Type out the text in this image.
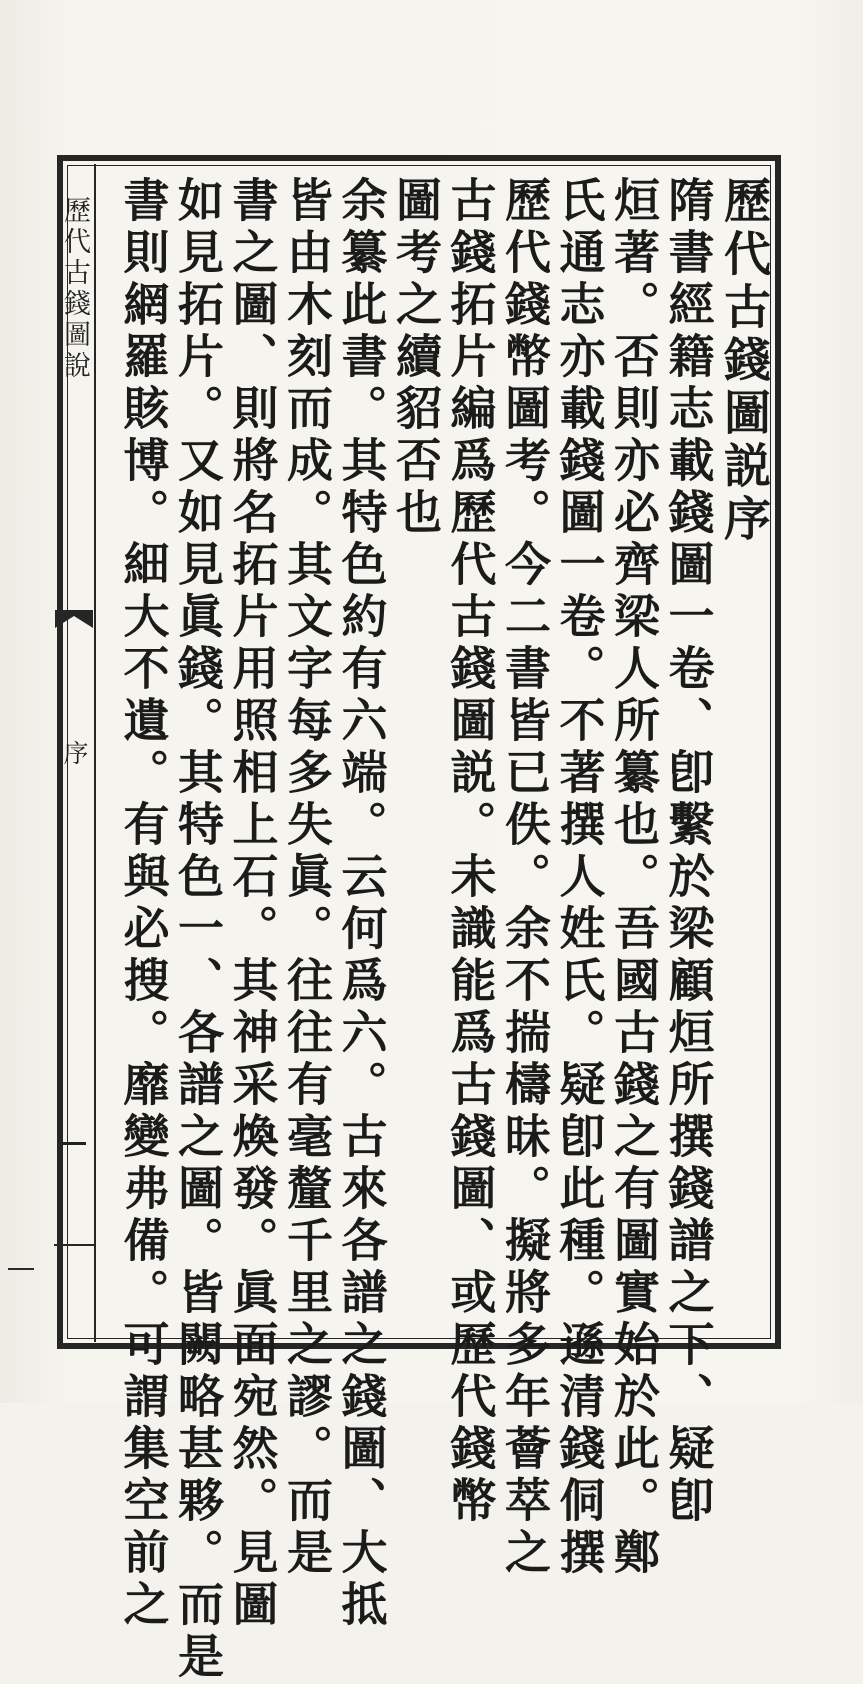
歷代古錢圖說
序

歷代古錢圖説序

隋書經籍志載錢圖一卷、卽繫於梁顧烜所撰錢譜之下、疑卽

烜著。否則亦必齊梁人所纂也。吾國古錢之有圖實始於此。鄭

氏通志亦載錢圖一卷。不著撰人姓氏。疑卽此種。遜清錢侗撰

歷代錢幣圖考。今二書皆已佚。余不揣檮昧。擬將多年薈萃之

古錢拓片編爲歷代古錢圖説。未識能爲古錢圖、或歷代錢幣

圖考之續貂否也

余纂此書。其特色約有六端。云何爲六。古來各譜之錢圖、大抵

皆由木刻而成。其文字每多失眞。往往有毫釐千里之謬。而是

書之圖、則將名拓片用照相上石。其神采煥發。眞面宛然。見圖

如見拓片。又如見眞錢。其特色一、各譜之圖。皆闕略甚夥。而是

書則網羅賅博。細大不遺。有與必搜。靡變弗備。可謂集空前之
